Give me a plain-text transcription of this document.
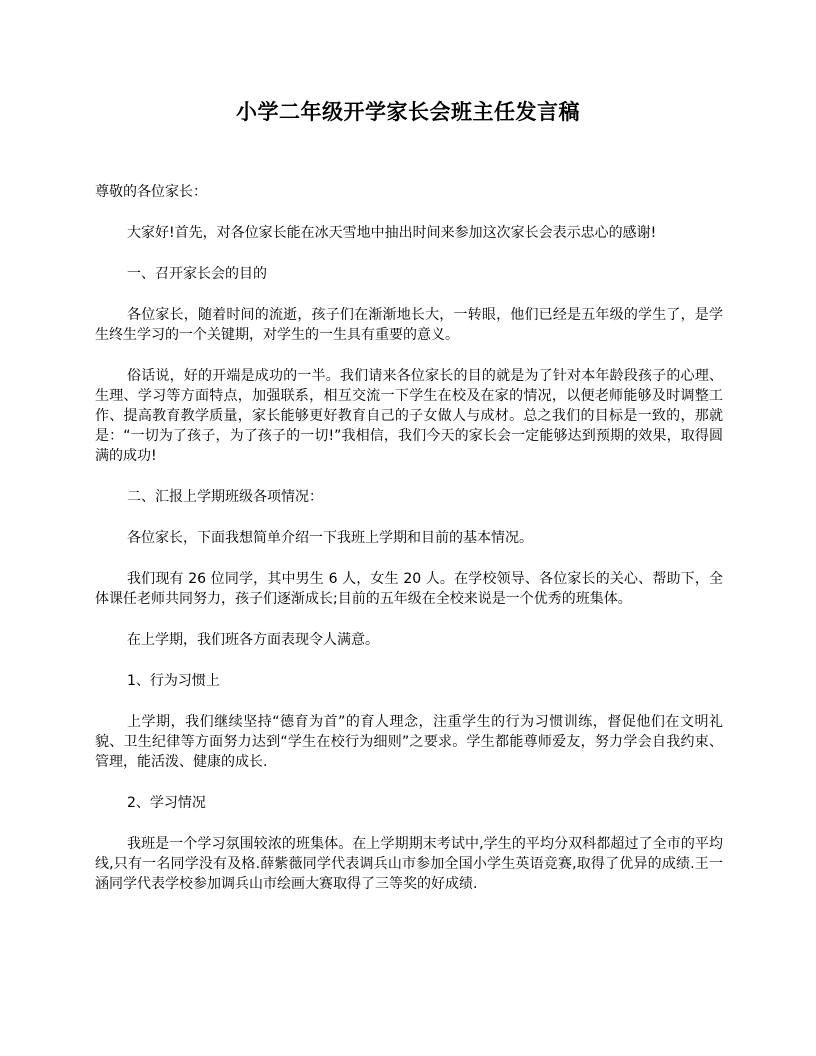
小学二年级开学家长会班主任发言稿

尊敬的各位家长：

大家好!首先，对各位家长能在冰天雪地中抽出时间来参加这次家长会表示忠心的感谢!

一、召开家长会的目的

各位家长，随着时间的流逝，孩子们在渐渐地长大，一转眼，他们已经是五年级的学生了，是学生终生学习的一个关键期，对学生的一生具有重要的意义。

俗话说，好的开端是成功的一半。我们请来各位家长的目的就是为了针对本年龄段孩子的心理、生理、学习等方面特点，加强联系，相互交流一下学生在校及在家的情况，以便老师能够及时调整工作、提高教育教学质量，家长能够更好教育自己的子女做人与成材。总之我们的目标是一致的，那就是：“一切为了孩子，为了孩子的一切!”我相信，我们今天的家长会一定能够达到预期的效果，取得圆满的成功!

二、汇报上学期班级各项情况：

各位家长，下面我想简单介绍一下我班上学期和目前的基本情况。

我们现有 26 位同学，其中男生 6 人，女生 20 人。在学校领导、各位家长的关心、帮助下，全体课任老师共同努力，孩子们逐渐成长;目前的五年级在全校来说是一个优秀的班集体。

在上学期，我们班各方面表现令人满意。

1、行为习惯上

上学期，我们继续坚持“德育为首”的育人理念，注重学生的行为习惯训练，督促他们在文明礼貌、卫生纪律等方面努力达到“学生在校行为细则”之要求。学生都能尊师爱友，努力学会自我约束、管理，能活泼、健康的成长.

2、学习情况

我班是一个学习氛围较浓的班集体。在上学期期末考试中,学生的平均分双科都超过了全市的平均线,只有一名同学没有及格.薛紫薇同学代表调兵山市参加全国小学生英语竞赛,取得了优异的成绩.王一涵同学代表学校参加调兵山市绘画大赛取得了三等奖的好成绩.
